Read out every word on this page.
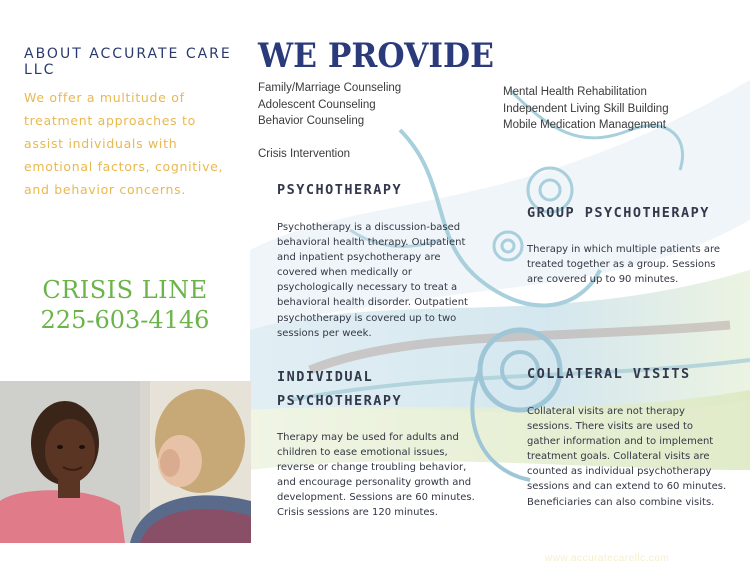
ABOUT ACCURATE CARE LLC

We offer a multitude of treatment approaches to assist individuals with emotional factors, cognitive, and behavior concerns.

CRISIS LINE
225-603-4146
WE PROVIDE
Family/Marriage Counseling
Adolescent Counseling
Behavior Counseling
Crisis Intervention
Mental Health Rehabilitation
Independent Living Skill Building
Mobile Medication Management
PSYCHOTHERAPY

Psychotherapy is a discussion-based behavioral health therapy. Outpatient and inpatient psychotherapy are covered when medically or psychologically necessary to treat a behavioral health disorder. Outpatient psychotherapy is covered up to two sessions per week.

GROUP PSYCHOTHERAPY

Therapy in which multiple patients are treated together as a group. Sessions are covered up to 90 minutes.

INDIVIDUAL PSYCHOTHERAPY

Therapy may be used for adults and children to ease emotional issues, reverse or change troubling behavior, and encourage personality growth and development. Sessions are 60 minutes. Crisis sessions are 120 minutes.

COLLATERAL VISITS

Collateral visits are not therapy sessions. There visits are used to gather information and to implement treatment goals. Collateral visits are counted as individual psychotherapy sessions and can extend to 60 minutes. Beneficiaries can also combine visits.

www.accuratecarellc.com
